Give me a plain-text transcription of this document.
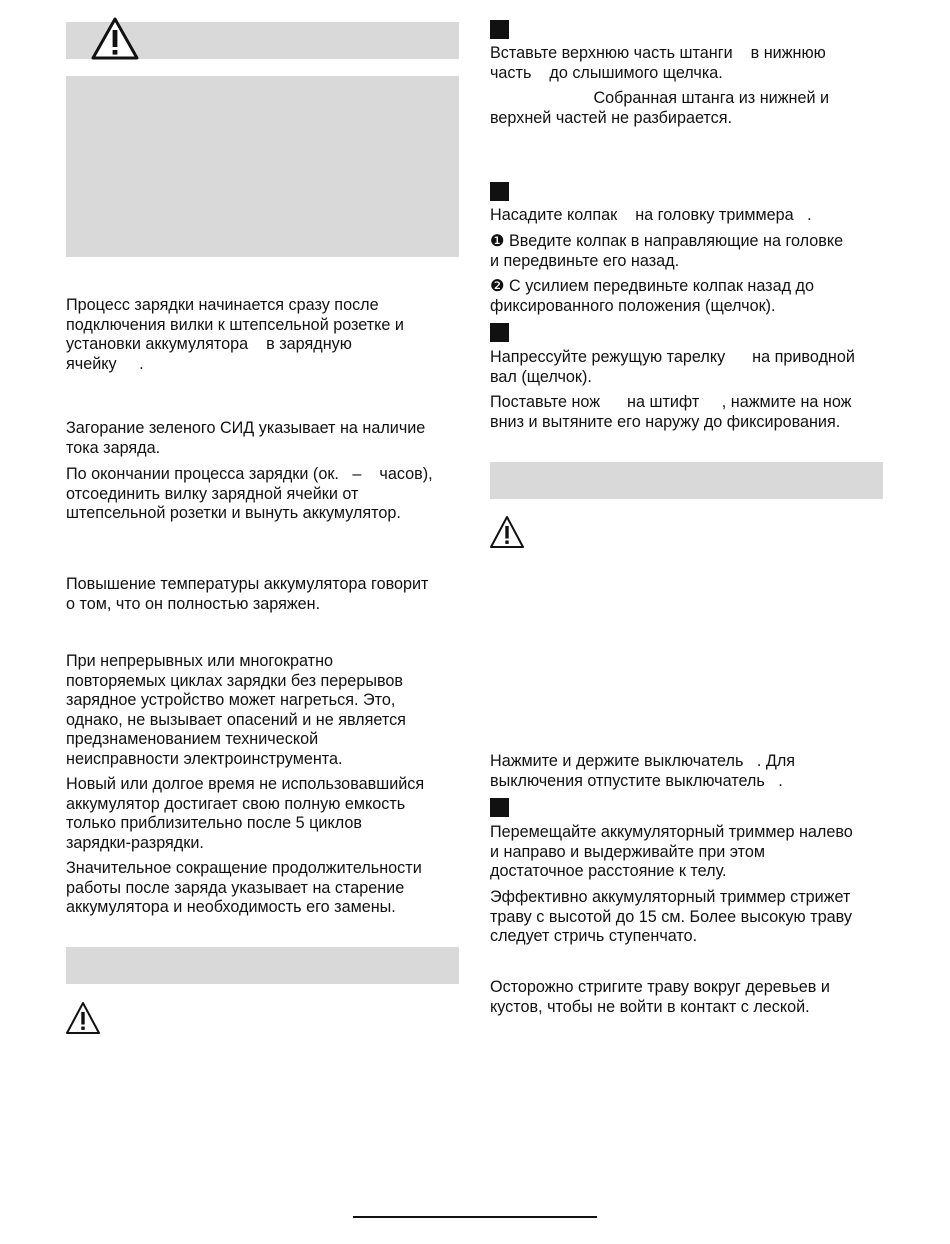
Процесс зарядки начинается сразу после
подключения вилки к штепсельной розетке и
установки аккумулятора    в зарядную
ячейку     .
Загорание зеленого СИД указывает на наличие
тока заряда.
По окончании процесса зарядки (ок.   –    часов),
отсоединить вилку зарядной ячейки от
штепсельной розетки и вынуть аккумулятор.
Повышение температуры аккумулятора говорит
о том, что он полностью заряжен.
При непрерывных или многократно
повторяемых циклах зарядки без перерывов
зарядное устройство может нагреться. Это,
однако, не вызывает опасений и не является
предзнаменованием технической
неисправности электроинструмента.
Новый или долгое время не использовавшийся
аккумулятор достигает свою полную емкость
только приблизительно после 5 циклов
зарядки-разрядки.
Значительное сокращение продолжительности
работы после заряда указывает на старение
аккумулятора и необходимость его замены.
Вставьте верхнюю часть штанги    в нижнюю
часть    до слышимого щелчка.
Собранная штанга из нижней и
верхней частей не разбирается.
Насадите колпак    на головку триммера   .
❶ Введите колпак в направляющие на головке
и передвиньте его назад.
❷ С усилием передвиньте колпак назад до
фиксированного положения (щелчок).
Напрессуйте режущую тарелку      на приводной
вал (щелчок).
Поставьте нож      на штифт     , нажмите на нож
вниз и вытяните его наружу до фиксирования.
Нажмите и держите выключатель   . Для
выключения отпустите выключатель   .
Перемещайте аккумуляторный триммер налево
и направо и выдерживайте при этом
достаточное расстояние к телу.
Эффективно аккумуляторный триммер стрижет
траву с высотой до 15 см. Более высокую траву
следует стричь ступенчато.
Осторожно стригите траву вокруг деревьев и
кустов, чтобы не войти в контакт с леской.
